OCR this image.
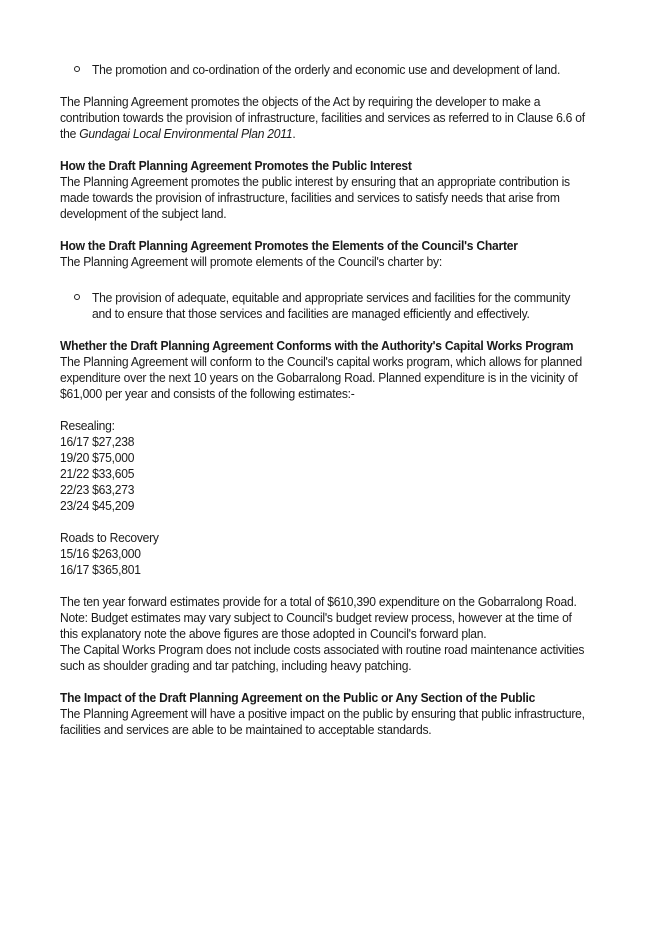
The promotion and co-ordination of the orderly and economic use and development of land.

The Planning Agreement promotes the objects of the Act by requiring the developer to make a

contribution towards the provision of infrastructure, facilities and services as referred to in Clause 6.6 of

the Gundagai Local Environmental Plan 2011.

How the Draft Planning Agreement Promotes the Public Interest

The Planning Agreement promotes the public interest by ensuring that an appropriate contribution is

made towards the provision of infrastructure, facilities and services to satisfy needs that arise from

development of the subject land.

How the Draft Planning Agreement Promotes the Elements of the Council's Charter

The Planning Agreement will promote elements of the Council's charter by:

The provision of adequate, equitable and appropriate services and facilities for the community
and to ensure that those services and facilities are managed efficiently and effectively.

Whether the Draft Planning Agreement Conforms with the Authority's Capital Works Program

The Planning Agreement will conform to the Council's capital works program, which allows for planned

expenditure over the next 10 years on the Gobarralong Road. Planned expenditure is in the vicinity of

$61,000 per year and consists of the following estimates:-

Resealing:

16/17 $27,238

19/20 $75,000

21/22 $33,605

22/23 $63,273

23/24 $45,209

Roads to Recovery

15/16 $263,000

16/17 $365,801

The ten year forward estimates provide for a total of $610,390 expenditure on the Gobarralong Road.

Note: Budget estimates may vary subject to Council's budget review process, however at the time of

this explanatory note the above figures are those adopted in Council's forward plan.

The Capital Works Program does not include costs associated with routine road maintenance activities

such as shoulder grading and tar patching, including heavy patching.

The Impact of the Draft Planning Agreement on the Public or Any Section of the Public

The Planning Agreement will have a positive impact on the public by ensuring that public infrastructure,

facilities and services are able to be maintained to acceptable standards.
